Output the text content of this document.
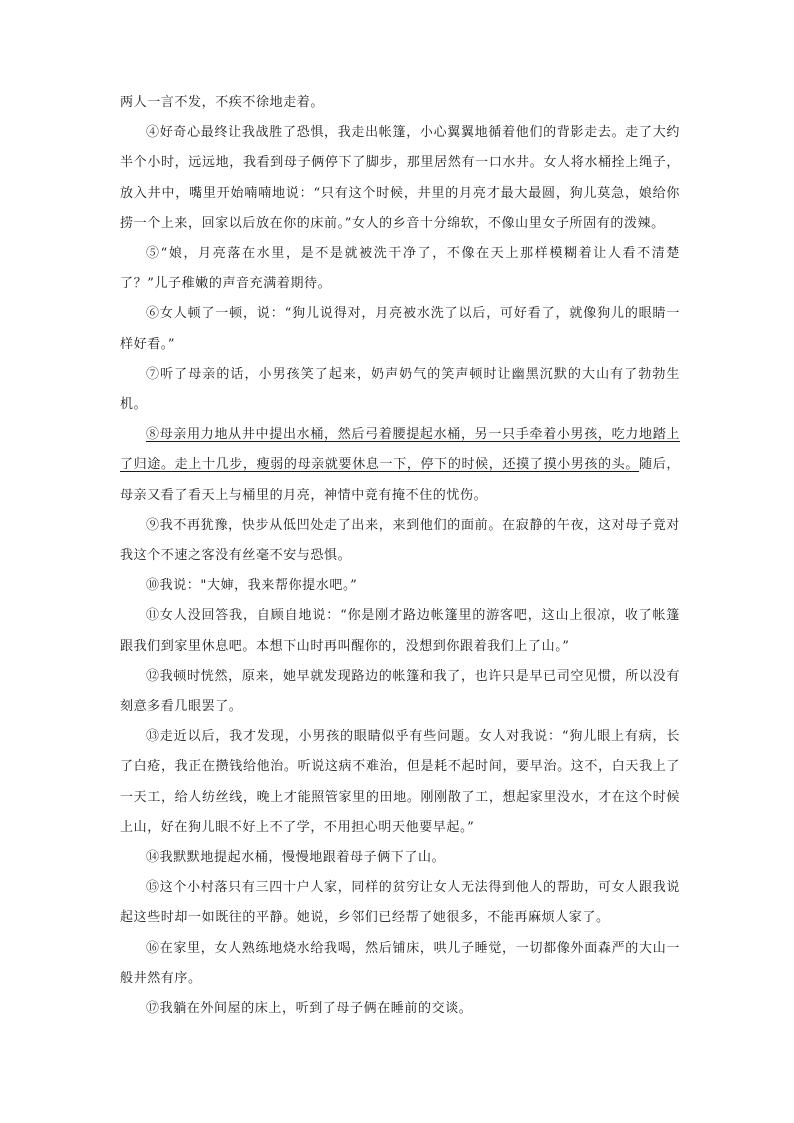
两人一言不发，不疾不徐地走着。

④好奇心最终让我战胜了恐惧，我走出帐篷，小心翼翼地循着他们的背影走去。走了大约半个小时，远远地，我看到母子俩停下了脚步，那里居然有一口水井。女人将水桶拴上绳子，放入井中，嘴里开始喃喃地说：“只有这个时候，井里的月亮才最大最圆，狗儿莫急，娘给你捞一个上来，回家以后放在你的床前。”女人的乡音十分绵软，不像山里女子所固有的泼辣。

⑤“娘，月亮落在水里，是不是就被洗干净了，不像在天上那样模糊着让人看不清楚了？”儿子稚嫩的声音充满着期待。

⑥女人顿了一顿，说：“狗儿说得对，月亮被水洗了以后，可好看了，就像狗儿的眼睛一样好看。”

⑦听了母亲的话，小男孩笑了起来，奶声奶气的笑声顿时让幽黑沉默的大山有了勃勃生机。

⑧母亲用力地从井中提出水桶，然后弓着腰提起水桶，另一只手牵着小男孩，吃力地踏上了归途。走上十几步，瘦弱的母亲就要休息一下，停下的时候，还摸了摸小男孩的头。随后，母亲又看了看天上与桶里的月亮，神情中竟有掩不住的忧伤。

⑨我不再犹豫，快步从低凹处走了出来，来到他们的面前。在寂静的午夜，这对母子竟对我这个不速之客没有丝毫不安与恐惧。

⑩我说："大婶，我来帮你提水吧。”

⑪女人没回答我，自顾自地说：“你是刚才路边帐篷里的游客吧，这山上很凉，收了帐篷跟我们到家里休息吧。本想下山时再叫醒你的，没想到你跟着我们上了山。”

⑫我顿时恍然，原来，她早就发现路边的帐篷和我了，也许只是早已司空见惯，所以没有刻意多看几眼罢了。

⑬走近以后，我才发现，小男孩的眼睛似乎有些问题。女人对我说：“狗儿眼上有病，长了白疮，我正在攒钱给他治。听说这病不难治，但是耗不起时间，要早治。这不，白天我上了一天工，给人纺丝线，晚上才能照管家里的田地。刚刚散了工，想起家里没水，才在这个时候上山，好在狗儿眼不好上不了学，不用担心明天他要早起。”

⑭我默默地提起水桶，慢慢地跟着母子俩下了山。

⑮这个小村落只有三四十户人家，同样的贫穷让女人无法得到他人的帮助，可女人跟我说起这些时却一如既往的平静。她说，乡邻们已经帮了她很多，不能再麻烦人家了。

⑯在家里，女人熟练地烧水给我喝，然后铺床，哄儿子睡觉，一切都像外面森严的大山一般井然有序。

⑰我躺在外间屋的床上，听到了母子俩在睡前的交谈。
